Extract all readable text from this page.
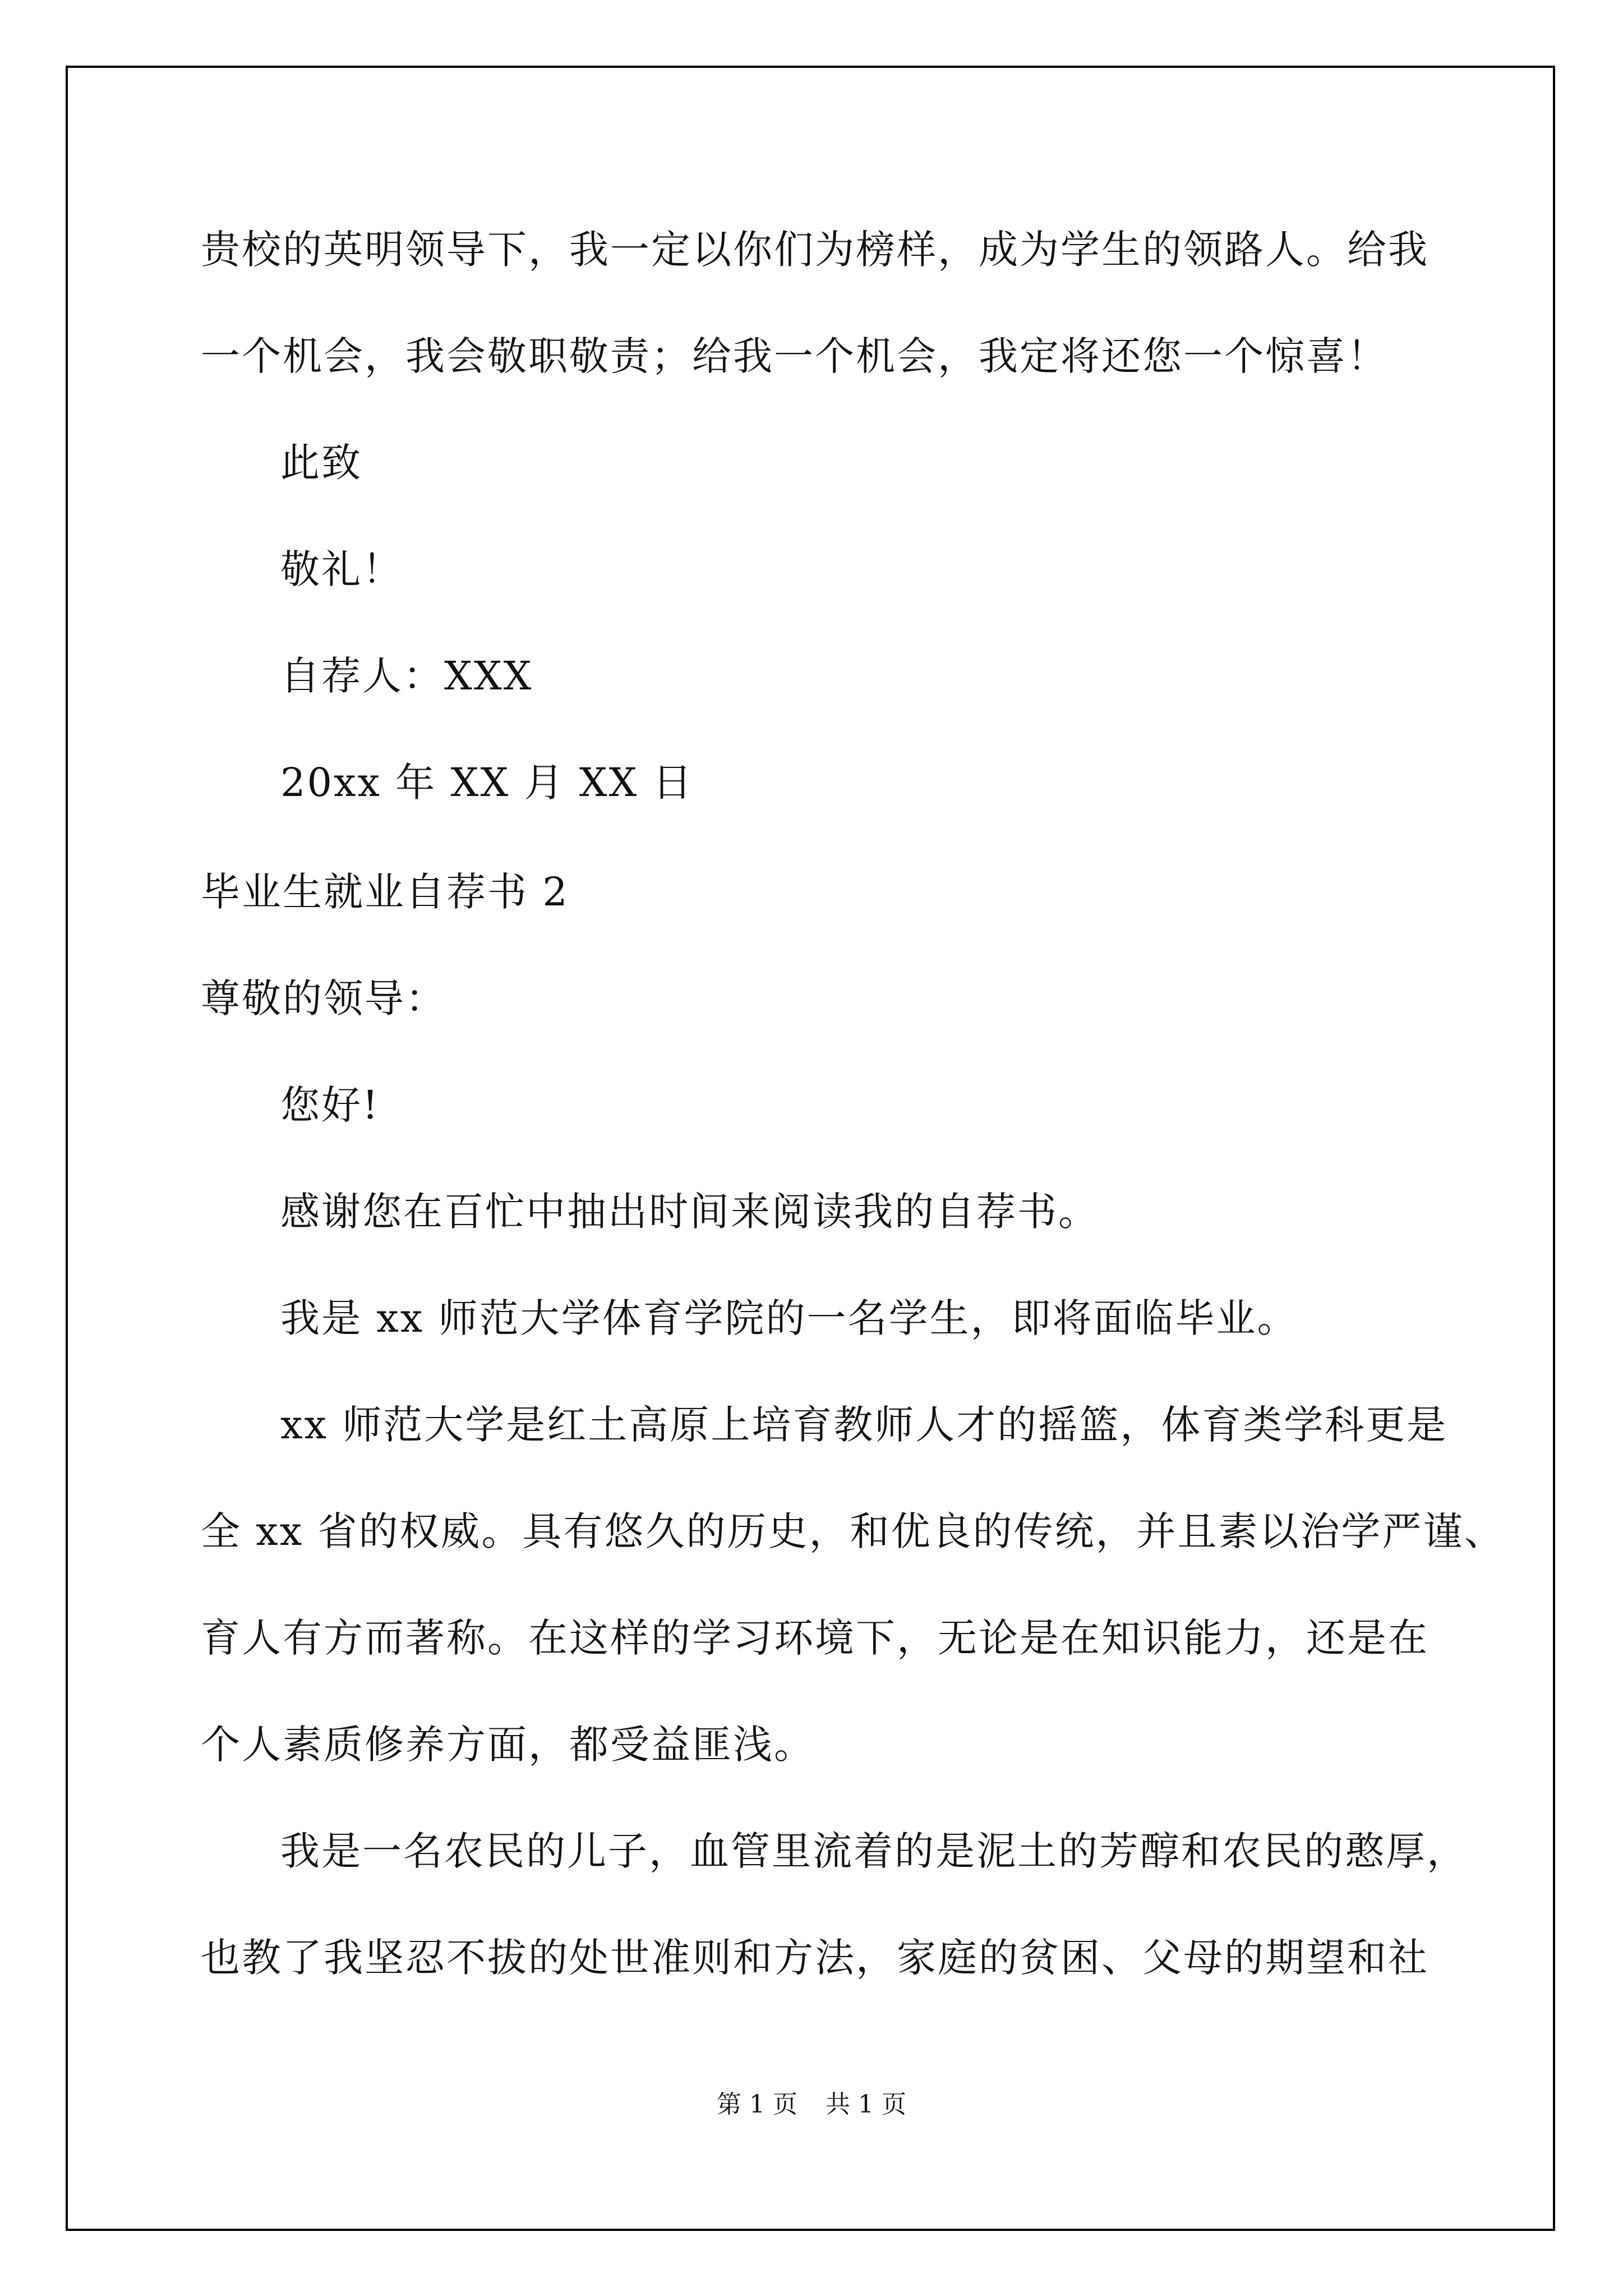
贵校的英明领导下，我一定以你们为榜样，成为学生的领路人。给我
一个机会，我会敬职敬责；给我一个机会，我定将还您一个惊喜！
此致
敬礼！
自荐人：XXX
20xx 年 XX 月 XX 日
毕业生就业自荐书 2
尊敬的领导：
您好!
感谢您在百忙中抽出时间来阅读我的自荐书。
我是 xx 师范大学体育学院的一名学生，即将面临毕业。
xx 师范大学是红土高原上培育教师人才的摇篮，体育类学科更是
全 xx 省的权威。具有悠久的历史，和优良的传统，并且素以治学严谨、
育人有方而著称。在这样的学习环境下，无论是在知识能力，还是在
个人素质修养方面，都受益匪浅。
我是一名农民的儿子，血管里流着的是泥土的芳醇和农民的憨厚，
也教了我坚忍不拔的处世准则和方法，家庭的贫困、父母的期望和社
第 1 页 共 1 页
